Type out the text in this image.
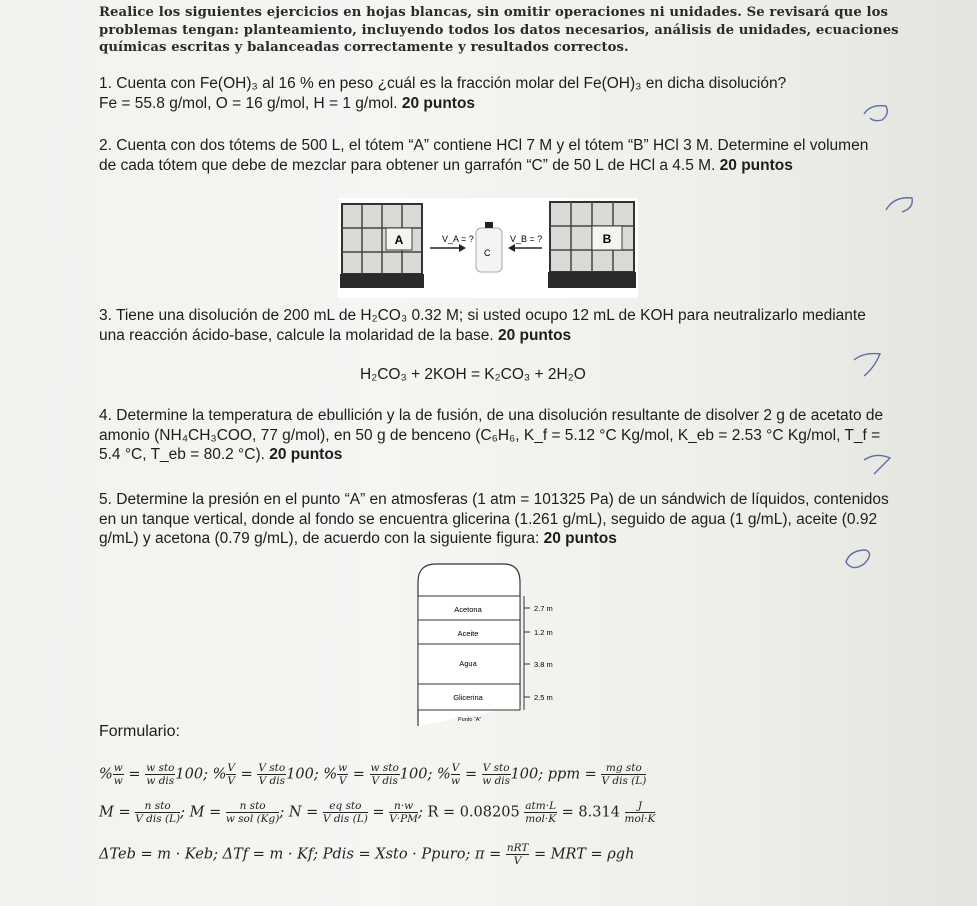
Realice los siguientes ejercicios en hojas blancas, sin omitir operaciones ni unidades. Se revisará que los problemas tengan: planteamiento, incluyendo todos los datos necesarios, análisis de unidades, ecuaciones químicas escritas y balanceadas correctamente y resultados correctos.
1. Cuenta con Fe(OH)₃ al 16 % en peso ¿cuál es la fracción molar del Fe(OH)₃ en dicha disolución?
Fe = 55.8 g/mol, O = 16 g/mol, H = 1 g/mol. 20 puntos
2. Cuenta con dos tótems de 500 L, el tótem “A” contiene HCl 7 M y el tótem “B” HCl 3 M. Determine el volumen de cada tótem que debe de mezclar para obtener un garrafón “C” de 50 L de HCl a 4.5 M. 20 puntos
A	V_A = ?
C
V_B = ?	B
3. Tiene una disolución de 200 mL de H₂CO₃ 0.32 M; si usted ocupo 12 mL de KOH para neutralizarlo mediante una reacción ácido-base, calcule la molaridad de la base. 20 puntos
H₂CO₃ + 2KOH = K₂CO₃ + 2H₂O
4. Determine la temperatura de ebullición y la de fusión, de una disolución resultante de disolver 2 g de acetato de amonio (NH₄CH₃COO, 77 g/mol), en 50 g de benceno (C₆H₆, K_f = 5.12 °C Kg/mol, K_eb = 2.53 °C Kg/mol, T_f = 5.4 °C, T_eb = 80.2 °C). 20 puntos
5. Determine la presión en el punto “A” en atmosferas (1 atm = 101325 Pa) de un sándwich de líquidos, contenidos en un tanque vertical, donde al fondo se encuentra glicerina (1.261 g/mL), seguido de agua (1 g/mL), aceite (0.92 g/mL) y acetona (0.79 g/mL), de acuerdo con la siguiente figura: 20 puntos
Acetona
Aceite
Agua
Glicerina
2.7 m
1.2 m
3.8 m
2.5 m
Punto “A”
Formulario:
% $\frac{w}{w} = \frac{\text{w sto}}{\text{w dis}} 100$; % $\frac{V}{V} = \frac{\text{V sto}}{\text{V dis}} 100$; % $\frac{w}{V} = \frac{\text{w sto}}{\text{V dis}} 100$; % $\frac{V}{w} = \frac{\text{V sto}}{\text{w dis}} 100$; ppm = $\frac{\text{mg sto}}{\text{V dis (L)}}$
$M = \frac{\text{n sto}}{\text{V dis (L)}}$ ; $M = \frac{\text{n sto}}{\text{w sol (Kg)}}$ ; $N = \frac{\text{eq sto}}{\text{V dis (L)}} = \frac{n\cdot w}{V\cdot PM}$ ; $R = 0.08205 \frac{\text{atm·L}}{\text{mol·K}} = 8.314 \frac{J}{\text{mol·K}}$
ΔTeb = m · Keb; ΔTf = m · Kf; Pdis = Xsto · Ppuro; $\pi = \frac{\text{nRT}}{V}$ = MRT = ρgh
